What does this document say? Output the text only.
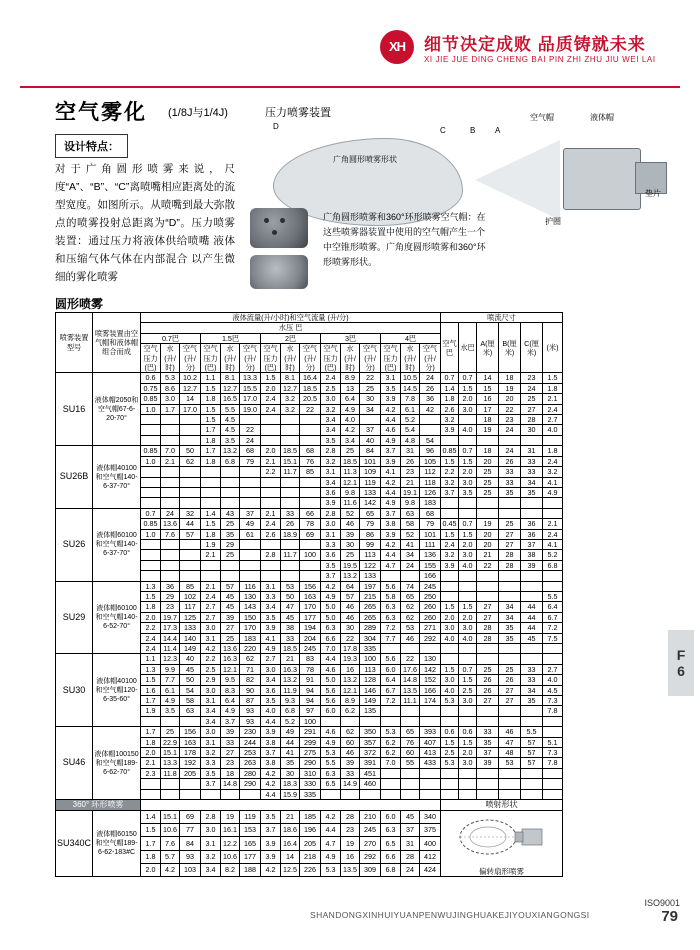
XH	细节决定成败 品质铸就未来
XI JIE JUE DING CHENG BAI PIN ZHI ZHU JIU WEI LAI
空气雾化 (1/8J与1/4J)	压力喷雾装置
设计特点：
对于广角圆形喷雾来说，尺度“A”、“B”、“C”离喷嘴相应距离处的流型宽度。如图所示。从喷嘴到最大弥散点的喷雾投射总距离为“D”。压力喷雾装置：通过压力将液体供给喷嘴 液体和压缩气体气体在内部混合 以产生微细的雾化喷雾
圆形喷雾
广角圆形喷雾形状
空气帽	液体帽
垫片
护圈
A
B
C
D
广角圆形喷雾和360°环形喷雾空气帽：在这些喷雾器装置中使用的空气帽产生一个中空锥形喷雾。广角度圆形喷雾和360°环形喷雾形状。
喷雾装置型号	喷雾装置由空气帽和液体帽组合而成	液体流量(升/小时)和空气流量 (升/分)															喷流尺寸					
		水压 巴															空气巴	水巴	A(厘米)	B(厘米)	C(厘米)	(米)
		0.7巴			1.5巴			2巴			3巴			4巴								
		空气压力(巴)	水(升/时)	空气(升/分)	空气压力(巴)	水(升/时)	空气(升/分)	空气压力(巴)	水(升/时)	空气(升/分)	空气压力(巴)	水(升/时)	空气(升/分)	空气压力(巴)	水(升/时)	空气(升/分)						
SU16	液体帽2050和空气帽67-6-20-70°	0.6	5.3	10.2	1.1	8.1	13.3	1.5	8.1	16.4	2.4	8.9	22	3.1	10.5	24	0.7	0.7	14	18	23	1.5
		0.75	8.6	12.7	1.5	12.7	15.5	2.0	12.7	18.5	2.5	13	25	3.5	14.5	26	1.4	1.5	15	19	24	1.8
		0.85	3.0	14	1.8	16.5	17.0	2.4	3.2	20.5	3.0	6.4	30	3.9	7.8	36	1.8	2.0	16	20	25	2.1
		1.0	1.7	17.0	1.5	5.5	19.0	2.4	3.2	22	3.2	4.9	34	4.2	6.1	42	2.6	3.0	17	22	27	2.4
					1.5	4.5					3.4	4.0		4.4	5.2		3.2		18	23	28	2.7
					1.7	4.5	22				3.4	4.2	37	4.6	5.4		3.9	4.0	19	24	30	4.0
					1.8	3.5	24				3.5	3.4	40	4.9	4.8	54						
SU26B	液体帽40100和空气帽140-6-37-70°	0.85	7.0	50	1.7	13.2	68	2.0	18.5	68	2.8	25	84	3.7	31	96	0.85	0.7	18	24	31	1.8
		1.0	2.1	62	1.8	6.8	79	2.1	15.1	76	3.2	18.5	101	3.9	26	105	1.5	1.5	20	26	33	2.4
								2.2	11.7	85	3.1	11.3	109	4.1	23	112	2.2	2.0	25	33	33	3.2
											3.4	12.1	119	4.2	21	118	3.2	3.0	25	33	34	4.1
											3.6	9.8	133	4.4	19.1	126	3.7	3.5	25	35	35	4.9
											3.9	11.6	142	4.9	9.8	183						
SU26	液体帽60100和空气帽140-6-37-70°	0.7	24	32	1.4	43	37	2.1	33	66	2.8	52	65	3.7	63	68						
		0.85	13.6	44	1.5	25	49	2.4	26	78	3.0	46	79	3.8	58	79	0.45	0.7	19	25	36	2.1
		1.0	7.6	57	1.8	35	61	2.6	18.9	69	3.1	39	86	3.9	52	101	1.5	1.5	20	27	36	2.4
					1.9	29					3.3	30	99	4.2	41	111	2.4	2.0	20	27	37	4.1
					2.1	25		2.8	11.7	100	3.6	25	113	4.4	34	136	3.2	3.0	21	28	38	5.2
											3.5	19.5	122	4.7	24	155	3.9	4.0	22	28	39	6.8
											3.7	13.2	133			166						
SU29	液体帽60100和空气帽140-6-52-70°	1.3	36	85	2.1	57	116	3.1	53	156	4.2	64	197	5.6	74	245						
		1.5	29	102	2.4	45	130	3.3	50	163	4.9	57	215	5.8	65	250						5.5
		1.8	23	117	2.7	45	143	3.4	47	170	5.0	46	265	6.3	62	260	1.5	1.5	27	34	44	6.4
		2.0	19.7	125	2.7	39	150	3.5	45	177	5.0	46	265	6.3	62	260	2.0	2.0	27	34	44	6.7
		2.2	17.3	133	3.0	27	170	3.9	38	194	6.3	30	289	7.2	53	271	3.0	3.0	28	35	44	7.2
		2.4	14.4	140	3.1	25	183	4.1	33	204	6.6	22	304	7.7	46	292	4.0	4.0	28	35	45	7.5
		2.4	11.4	149	4.2	13.6	220	4.9	18.5	245	7.0	17.8	335									
SU30	液体帽40100和空气帽120-6-35-60°	1.1	12.3	40	2.2	16.3	62	2.7	21	83	4.4	19.3	100	5.6	22	130						
		1.3	9.9	45	2.5	12.1	71	3.0	16.3	78	4.6	16	113	6.0	17.6	142	1.5	0.7	25	25	33	2.7
		1.5	7.7	50	2.9	9.5	82	3.4	13.2	91	5.0	13.2	128	6.4	14.8	152	3.0	1.5	26	26	33	4.0
		1.6	6.1	54	3.0	8.3	90	3.6	11.9	94	5.6	12.1	146	6.7	13.5	166	4.0	2.5	26	27	34	4.5
		1.7	4.9	58	3.1	6.4	87	3.5	9.3	94	5.6	8.9	149	7.2	11.1	174	5.3	3.0	27	27	35	7.3
		1.9	3.5	63	3.4	4.9	93	4.0	6.8	97	6.0	6.2	135									7.8
					3.4	3.7	93	4.4	5.2	100												
SU46	液体帽100150和空气帽189-6-62-70°	1.7	25	156	3.0	39	230	3.9	49	291	4.6	62	350	5.3	65	393	0.6	0.6	33	46	5.5	
		1.8	22.9	163	3.1	33	244	3.8	44	299	4.9	60	357	6.2	76	407	1.5	1.5	35	47	57	5.1
		2.0	15.1	178	3.2	27	253	3.7	41	275	5.3	46	372	6.2	60	413	2.5	2.0	37	48	57	7.3
		2.1	13.3	192	3.3	23	263	3.8	35	290	5.5	39	391	7.0	55	433	5.3	3.0	39	53	57	7.8
		2.3	11.8	205	3.5	18	280	4.2	30	310	6.3	33	451									
					3.7	14.8	290	4.2	18.3	330	6.5	14.9	460									
								4.4	15.9	335												
360° 环形喷雾																	喷射形状					
SU340C	液体帽60150和空气帽189-6-62-183#C	1.4	15.1	69	2.8	19	119	3.5	21	185	4.2	28	210	6.0	45	340	偏转扇形喷雾					

		1.5	10.6	77	3.0	16.1	153	3.7	18.6	196	4.4	23	245	6.3	37	375						
		1.7	7.6	84	3.1	12.2	165	3.9	16.4	205	4.7	19	270	6.5	31	400						
		1.8	5.7	93	3.2	10.6	177	3.9	14	218	4.9	16	292	6.6	28	412						
		2.0	4.2	103	3.4	8.2	188	4.2	12.5	226	5.3	13.5	309	6.8	24	424						
F
6
ISO9001
SHANDONGXINHUIYUANPENWUJINGHUAKEJIYOUXIANGONGSI	79
